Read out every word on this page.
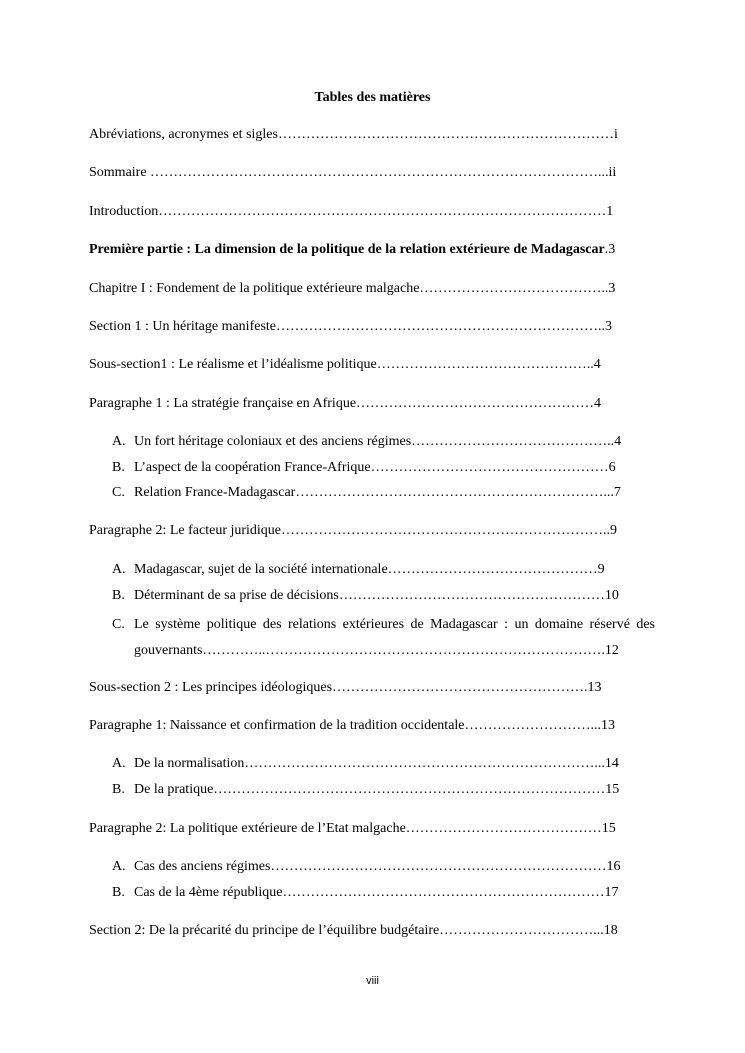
Tables des matières
Abréviations, acronymes et sigles………………………………………………………………i
Sommaire ……………………………………………………………………………………...ii
Introduction……………………………………………………………………………………1
Première partie : La dimension de la politique de la relation extérieure de Madagascar.3
Chapitre I : Fondement de la politique extérieure malgache…………………………………..3
Section 1 : Un héritage manifeste……………………………………………………………..3
Sous-section1 : Le réalisme et l’idéalisme politique………………………………………..4
Paragraphe 1 : La stratégie française en Afrique……………………………………………4
A. Un fort héritage coloniaux et des anciens régimes……………………………………..4
B. L’aspect de la coopération France-Afrique……………………………………………6
C. Relation France-Madagascar…………………………………………………………...7
Paragraphe 2: Le facteur juridique……………………………………………………………..9
A. Madagascar, sujet de la société internationale………………………………………9
B. Déterminant de sa prise de décisions…………………………………………………10
C. Le système politique des relations extérieures de Madagascar : un domaine réservé des gouvernants…………..……………………………………………………………….12
Sous-section 2 : Les principes idéologiques……………………………………………….13
Paragraphe 1: Naissance et confirmation de la tradition occidentale………………………...13
A. De la normalisation…………………………………………………………………...14
B. De la pratique…………………………………………………………………………15
Paragraphe 2: La politique extérieure de l’Etat malgache……………………………………15
A. Cas des anciens régimes………………………………………………………………16
B. Cas de la 4ème république……………………………………………………………17
Section 2: De la précarité du principe de l’équilibre budgétaire……………………………...18
viii
